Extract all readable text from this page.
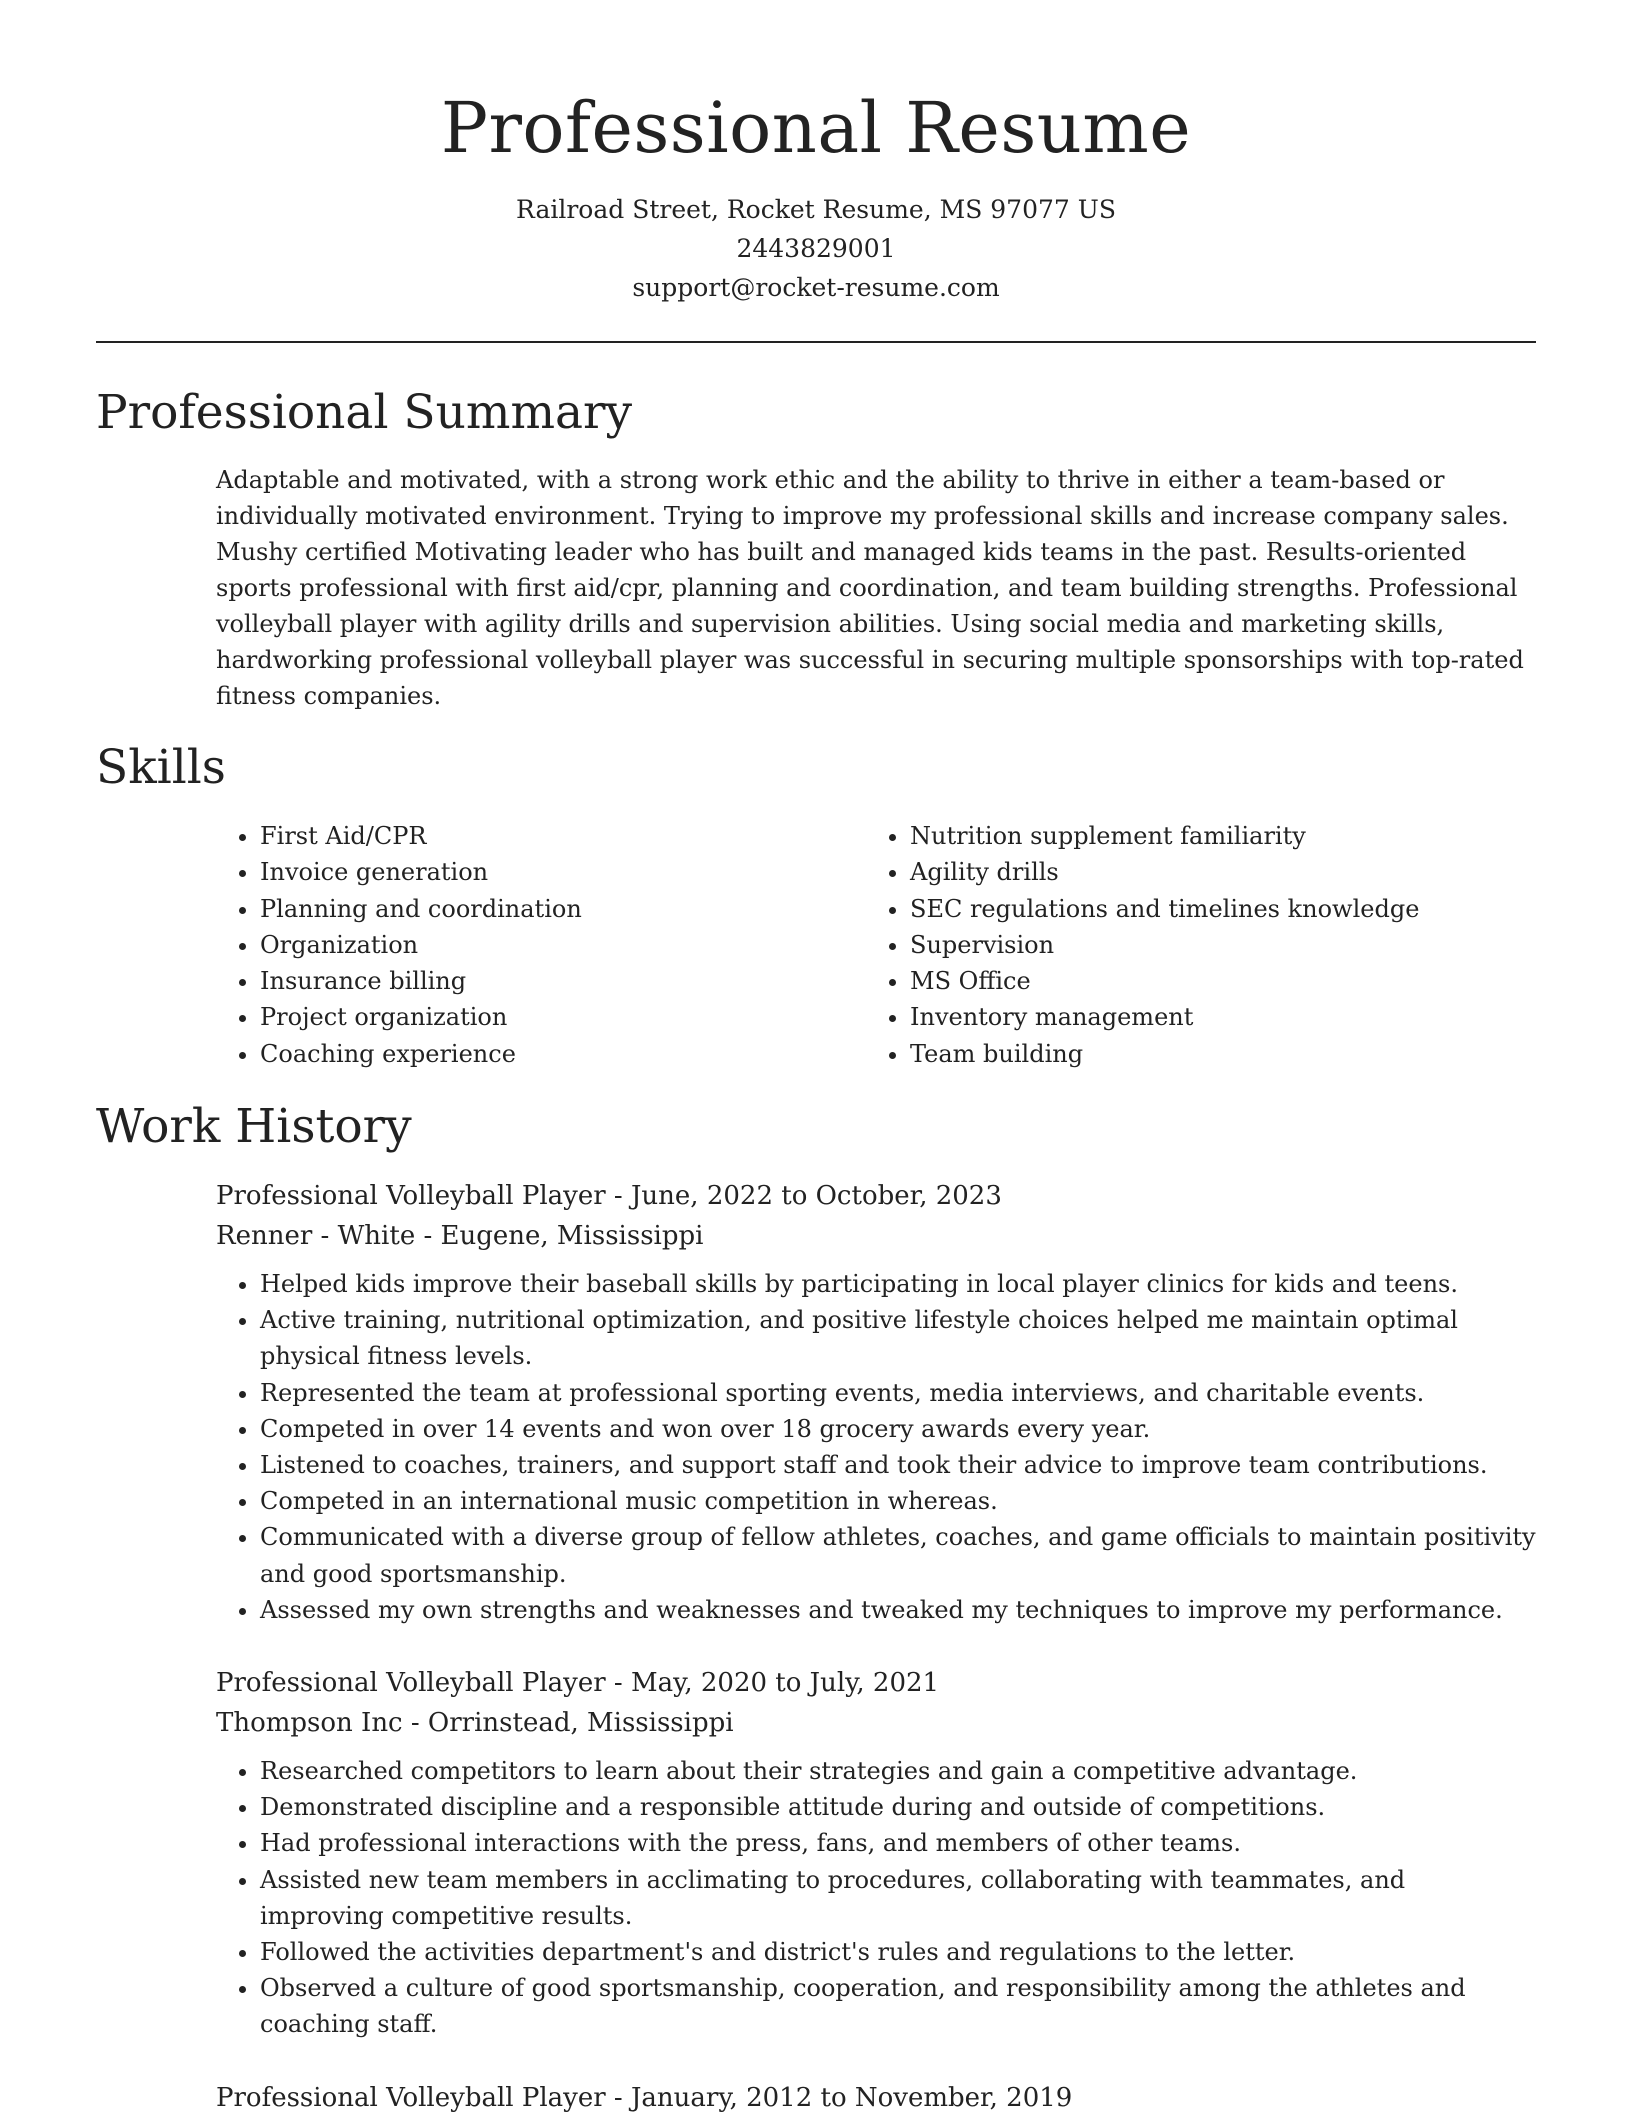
Professional Resume
Railroad Street, Rocket Resume, MS 97077 US
2443829001
support@rocket-resume.com
Professional Summary

Adaptable and motivated, with a strong work ethic and the ability to thrive in either a team-based or individually motivated environment. Trying to improve my professional skills and increase company sales. Mushy certified Motivating leader who has built and managed kids teams in the past. Results-oriented sports professional with first aid/cpr, planning and coordination, and team building strengths. Professional volleyball player with agility drills and supervision abilities. Using social media and marketing skills, hardworking professional volleyball player was successful in securing multiple sponsorships with top-rated fitness companies.

Skills
• First Aid/CPR
• Invoice generation
• Planning and coordination
• Organization
• Insurance billing
• Project organization
• Coaching experience
• Nutrition supplement familiarity
• Agility drills
• SEC regulations and timelines knowledge
• Supervision
• MS Office
• Inventory management
• Team building
Work History
Professional Volleyball Player - June, 2022 to October, 2023
Renner - White - Eugene, Mississippi
• Helped kids improve their baseball skills by participating in local player clinics for kids and teens.
• Active training, nutritional optimization, and positive lifestyle choices helped me maintain optimal physical fitness levels.
• Represented the team at professional sporting events, media interviews, and charitable events.
• Competed in over 14 events and won over 18 grocery awards every year.
• Listened to coaches, trainers, and support staff and took their advice to improve team contributions.
• Competed in an international music competition in whereas.
• Communicated with a diverse group of fellow athletes, coaches, and game officials to maintain positivity and good sportsmanship.
• Assessed my own strengths and weaknesses and tweaked my techniques to improve my performance.
Professional Volleyball Player - May, 2020 to July, 2021
Thompson Inc - Orrinstead, Mississippi
• Researched competitors to learn about their strategies and gain a competitive advantage.
• Demonstrated discipline and a responsible attitude during and outside of competitions.
• Had professional interactions with the press, fans, and members of other teams.
• Assisted new team members in acclimating to procedures, collaborating with teammates, and improving competitive results.
• Followed the activities department's and district's rules and regulations to the letter.
• Observed a culture of good sportsmanship, cooperation, and responsibility among the athletes and coaching staff.
Professional Volleyball Player - January, 2012 to November, 2019
